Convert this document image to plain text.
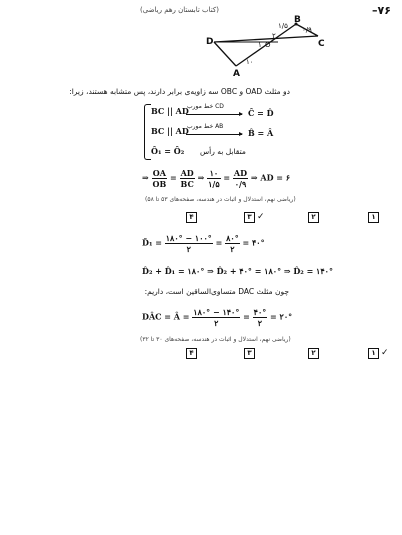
–۷۶
(کتاب تابستان رهم ریاضی)
D
A
O
B
C
۱۰
۱/۵ ۰/۹
۱
۲
دو مثلث OAD و OBC سه زاویه‌ی برابر دارند، پس متشابه هستند، زیرا:
BC || AD
خط مورب CD
Ĉ = D̂
BC || AD
خط مورب AB
B̂ = Â
Ô₁ = Ô₂ متقابل به رأس
⇒ $\frac{OA}{OB} = \frac{AD}{BC}$ ⇒ $\frac{۱۰}{۱/۵} = \frac{AD}{۰/۹}$ ⇒ AD = ۶
(ریاضی نهم، استدلال و اثبات در هندسه، صفحه‌های ۵۳ تا ۵۸)
۴	۳ ✓	۲	۱
D̂₁ = $\frac{۱۸۰^\circ - ۱۰۰^\circ}{۲} = \frac{۸۰^\circ}{۲}$ = ۴۰°
D̂₂ + D̂₁ = ۱۸۰° ⇒ D̂₂ + ۴۰° = ۱۸۰° ⇒ D̂₂ = ۱۴۰°
چون مثلث DAC متساوی‌الساقین است، داریم:
DÂC = Â = $\frac{۱۸۰^\circ - ۱۴۰^\circ}{۲} = \frac{۴۰^\circ}{۲}$ = ۲۰°
(ریاضی نهم، استدلال و اثبات در هندسه، صفحه‌های ۳۰ تا ۳۲)
۴	۳	۲	۱ ✓
